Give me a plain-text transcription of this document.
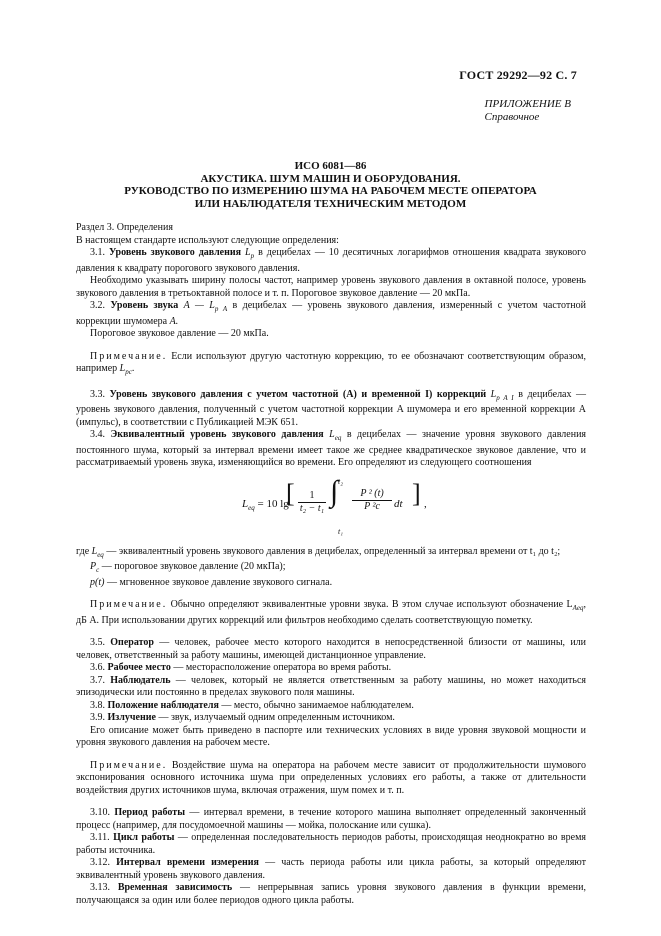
ГОСТ 29292—92 С. 7
ПРИЛОЖЕНИЕ В
Справочное
ИСО 6081—86
АКУСТИКА. ШУМ МАШИН И ОБОРУДОВАНИЯ.
РУКОВОДСТВО ПО ИЗМЕРЕНИЮ ШУМА НА РАБОЧЕМ МЕСТЕ ОПЕРАТОРА
ИЛИ НАБЛЮДАТЕЛЯ ТЕХНИЧЕСКИМ МЕТОДОМ

Раздел 3. Определения

В настоящем стандарте используют следующие определения:

3.1. Уровень звукового давления $L_p$ в децибелах — 10 десятичных логарифмов отношения квадрата звукового давления к квадрату порогового звукового давления.

Необходимо указывать ширину полосы частот, например уровень звукового давления в октавной полосе, уровень звукового давления в третьоктавной полосе и т. п. Пороговое звуковое давление — 20 мкПа.

3.2. Уровень звука A — $L_{p A}$ в децибелах — уровень звукового давления, измеренный с учетом частотной коррекции шумомера A.

Пороговое звуковое давление — 20 мкПа.

Примечание. Если используют другую частотную коррекцию, то ее обозначают соответствующим образом, например $L_{pc}$.

3.3. Уровень звукового давления с учетом частотной (A) и временной I) коррекций $L_{p A I}$ в децибелах — уровень звукового давления, полученный с учетом частотной коррекции A шумомера и его временной коррекции A (импульс), в соответствии с Публикацией МЭК 651.

3.4. Эквивалентный уровень звукового давления $L_{eq}$ в децибелах — значение уровня звукового давления постоянного шума, который за интервал времени имеет такое же среднее квадратическое звуковое давление, что и рассматриваемый уровень звука, изменяющийся во времени. Его определяют из следующего соотношения

$L_{eq} = 10$ lg
[	1
t₂ − t₁
t₂
∫
t₁
P ² (t)
P ²c	dt ] ,

где $L_{eq}$ — эквивалентный уровень звукового давления в децибелах, определенный за интервал времени от t₁ до t₂;

$P_c$ — пороговое звуковое давление (20 мкПа);

p(t) — мгновенное звуковое давление звукового сигнала.

Примечание. Обычно определяют эквивалентные уровни звука. В этом случае используют обозначение $L_{Aeq}$, дБ А. При использовании других коррекций или фильтров необходимо сделать соответствующую пометку.

3.5. Оператор — человек, рабочее место которого находится в непосредственной близости от машины, или человек, ответственный за работу машины, имеющей дистанционное управление.

3.6. Рабочее место — месторасположение оператора во время работы.

3.7. Наблюдатель — человек, который не является ответственным за работу машины, но может находиться эпизодически или постоянно в пределах звукового поля машины.

3.8. Положение наблюдателя — место, обычно занимаемое наблюдателем.

3.9. Излучение — звук, излучаемый одним определенным источником.

Его описание может быть приведено в паспорте или технических условиях в виде уровня звуковой мощности и уровня звукового давления на рабочем месте.

Примечание. Воздействие шума на оператора на рабочем месте зависит от продолжительности шумового экспонирования основного источника шума при определенных условиях его работы, а также от длительности воздействия других источников шума, включая отражения, шум помех и т. п.

3.10. Период работы — интервал времени, в течение которого машина выполняет определенный законченный процесс (например, для посудомоечной машины — мойка, полоскание или сушка).

3.11. Цикл работы — определенная последовательность периодов работы, происходящая неоднократно во время работы источника.

3.12. Интервал времени измерения — часть периода работы или цикла работы, за который определяют эквивалентный уровень звукового давления.

3.13. Временная зависимость — непрерывная запись уровня звукового давления в функции времени, получающаяся за один или более периодов одного цикла работы.
